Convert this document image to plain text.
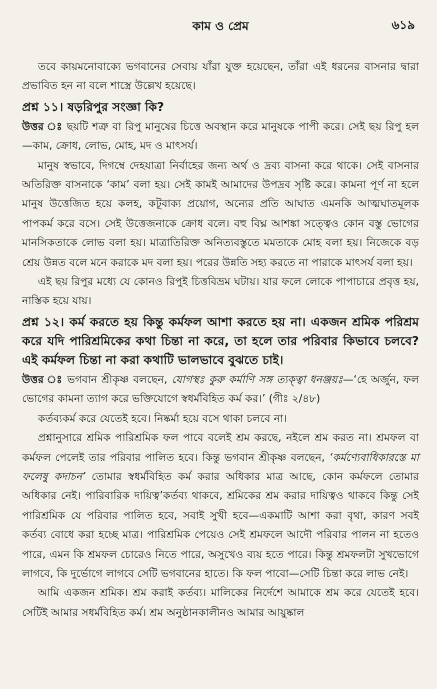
কাম ও প্রেম	৬১৯

তবে কায়মনোবাক্যে ভগবানের সেবায় যাঁরা যুক্ত হয়েছেন, তাঁরা এই ধরনের বাসনার দ্বারা প্রভাবিত হন না বলে শাস্ত্রে উল্লেখ হয়েছে।

প্রশ্ন ১১। ষড়রিপুর সংজ্ঞা কি?

উত্তর ঃ ছয়টি শত্রু বা রিপু মানুষের চিত্তে অবস্থান করে মানুষকে পাপী করে। সেই ছয় রিপু হল—কাম, ক্রোধ, লোভ, মোহ, মদ ও মাৎসর্য।

মানুষ স্বভাবে, দিগম্বে দেহযাত্রা নির্বাহের জন্য অর্থ ও দ্রব্য বাসনা করে থাকে। সেই বাসনার অতিরিক্ত বাসনাকে ‘কাম’ বলা হয়। সেই কামই আমাদের উপদ্রব সৃষ্টি করে। কামনা পূর্ণ না হলে মানুষ উত্তেজিত হয়ে কলহ, কটূবাক্য প্রয়োগ, অন্যের প্রতি আঘাত এমনকি আত্মঘাতমূলক পাপকর্ম করে বসে। সেই উত্তেজনাকে ক্রোধ বলে। বহু বিঘ্ন আশঙ্কা সত্ত্বেও কোন বস্তু ভোগের মানসিকতাকে লোভ বলা হয়। মাত্রাতিরিক্ত অনিত্যবস্তুতে মমতাকে মোহ বলা হয়। নিজেকে বড় শ্রেয় উন্নত বলে মনে করাকে মদ বলা হয়। পরের উন্নতি সহ্য করতে না পারাকে মাৎসর্য বলা হয়।

এই ছয় রিপুর মধ্যে যে কোনও রিপুই চিত্তবিভ্রম ঘটায়। যার ফলে লোকে পাপাচারে প্রবৃত্ত হয়, নাস্তিক হয়ে যায়।

প্রশ্ন ১২। কর্ম করতে হয় কিন্তু কর্মফল আশা করতে হয় না। একজন শ্রমিক পরিশ্রম করে যদি পারিশ্রমিকের কথা চিন্তা না করে, তা হলে তার পরিবার কিভাবে চলবে? এই কর্মফল চিন্তা না করা কথাটি ভালভাবে বুঝতে চাই।

উত্তর ঃ ভগবান শ্রীকৃষ্ণ বলছেন, যোগস্থঃ কুরু কর্মাণি সঙ্গ ত্যক্ত্বা ধনঞ্জয়ঃ—‘হে অর্জুন, ফল ভোগের কামনা ত্যাগ করে ভক্তিযোগে স্বধর্মবিহিত কর্ম কর।’ (গীঃ ২/৪৮)

কর্তব্যকর্ম করে যেতেই হবে। নিষ্কর্মা হয়ে বসে থাকা চলবে না।

প্রশ্নানুসারে শ্রমিক পারিশ্রমিক ফল পাবে বলেই শ্রম করছে, নইলে শ্রম করত না। শ্রমফল বা কর্মফল পেলেই তার পরিবার পালিত হবে। কিন্তু ভগবান শ্রীকৃষ্ণ বলছেন, ‘কর্মণ্যেবাধিকারস্তে মা ফলেষু কদাচন’ তোমার স্বধর্মবিহিত কর্ম করার অধিকার মাত্র আছে, কোন কর্মফলে তোমার অধিকার নেই। পারিবারিক দায়িত্ব’কর্তব্য থাকবে, শ্রমিকের শ্রম করার দায়িত্বও থাকবে কিন্তু সেই পারিশ্রমিক যে পরিবার পালিত হবে, সবাই সুখী হবে—একমাটি আশা করা বৃথা, কারণ সবই কর্তব্য বোধে করা হচ্ছে মাত্র। পারিশ্রমিক পেয়েও সেই শ্রমফলে আদৌ পরিবার পালন না হতেও পারে, এমন কি শ্রমফল চোরেও নিতে পারে, অসুখেও ব্যয় হতে পারে। কিন্তু শ্রমফলটা সুখভোগে লাগবে, কি দুর্ভোগে লাগবে সেটি ভগবানের হাতে। কি ফল পাবো—সেটি চিন্তা করে লাভ নেই।

আমি একজন শ্রমিক। শ্রম করাই কর্তব্য। মালিকের নির্দেশে আমাকে শ্রম করে যেতেই হবে। সেটিই আমার সধর্মবিহিত কর্ম। শ্রম অনুষ্ঠানকালীনও আমার আয়ুষ্কাল
